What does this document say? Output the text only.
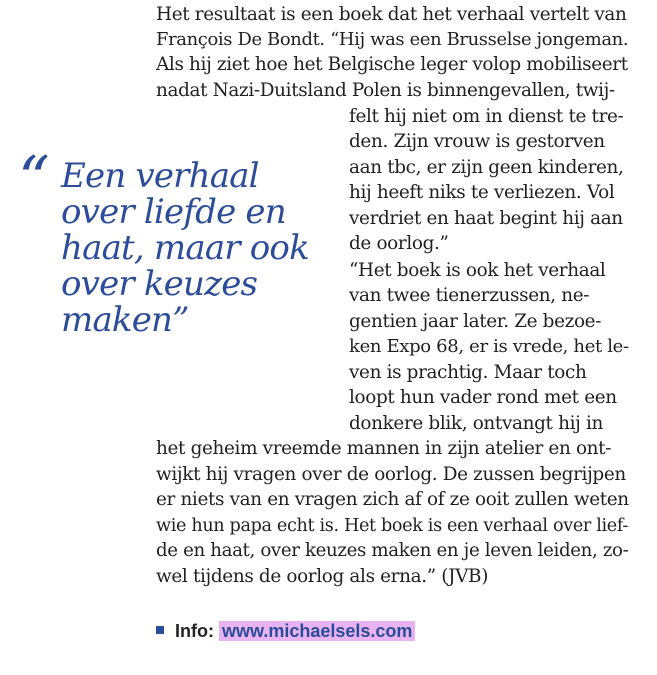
Het resultaat is een boek dat het verhaal vertelt van
François De Bondt. “Hij was een Brusselse jongeman.
Als hij ziet hoe het Belgische leger volop mobiliseert
nadat Nazi-Duitsland Polen is binnengevallen, twij-
felt hij niet om in dienst te tre-
den. Zijn vrouw is gestorven
aan tbc, er zijn geen kinderen,
hij heeft niks te verliezen. Vol
verdriet en haat begint hij aan
de oorlog.”
“Het boek is ook het verhaal
van twee tienerzussen, ne-
gentien jaar later. Ze bezoe-
ken Expo 68, er is vrede, het le-
ven is prachtig. Maar toch
loopt hun vader rond met een
donkere blik, ontvangt hij in
het geheim vreemde mannen in zijn atelier en ont-
wijkt hij vragen over de oorlog. De zussen begrijpen
er niets van en vragen zich af of ze ooit zullen weten
wie hun papa echt is. Het boek is een verhaal over lief-
de en haat, over keuzes maken en je leven leiden, zo-
wel tijdens de oorlog als erna.” (JVB)
“ Een verhaal
over liefde en
haat, maar ook
over keuzes
maken”
Info: www.michaelsels.com
